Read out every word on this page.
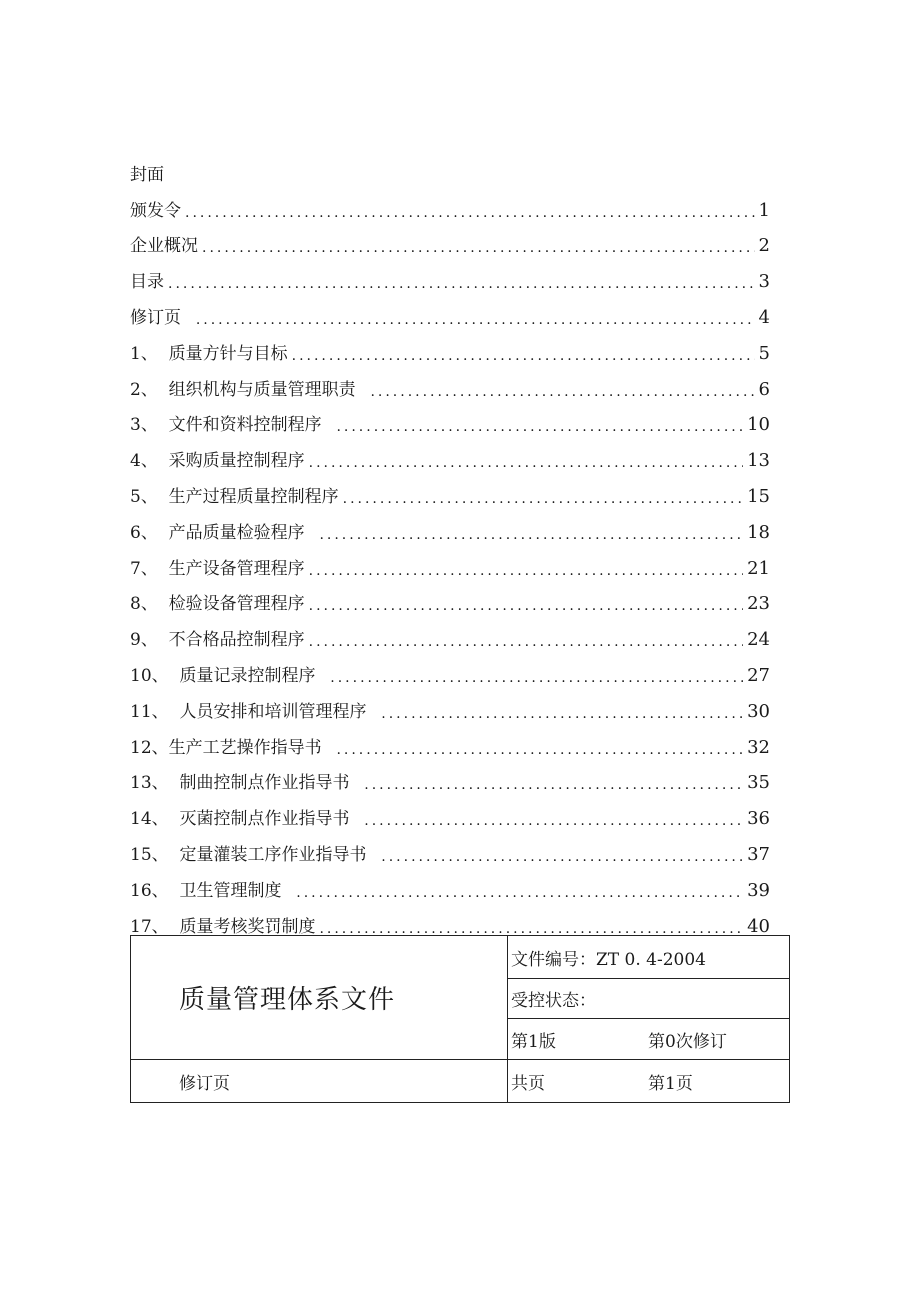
封面
颁发令 .....	1
企业概况 .....	2
目录 .....	3
修订页 .....	4
1、 质量方针与目标 .....	5
2、 组织机构与质量管理职责 .....	6
3、 文件和资料控制程序 .....	10
4、 采购质量控制程序 .....	13
5、 生产过程质量控制程序 .....	15
6、 产品质量检验程序 .....	18
7、 生产设备管理程序 .....	21
8、 检验设备管理程序 .....	23
9、 不合格品控制程序 .....	24
10、 质量记录控制程序 .....	27
11、 人员安排和培训管理程序 .....	30
12、 生产工艺操作指导书 .....	32
13、 制曲控制点作业指导书 .....	35
14、 灭菌控制点作业指导书 .....	36
15、 定量灌装工序作业指导书 .....	37
16、 卫生管理制度 .....	39
17、 质量考核奖罚制度 .....	40
质量管理体系文件	文件编号：ZT 0. 4-2004
	受控状态：

	第1版 第0次修订

修订页	共页 第1页
